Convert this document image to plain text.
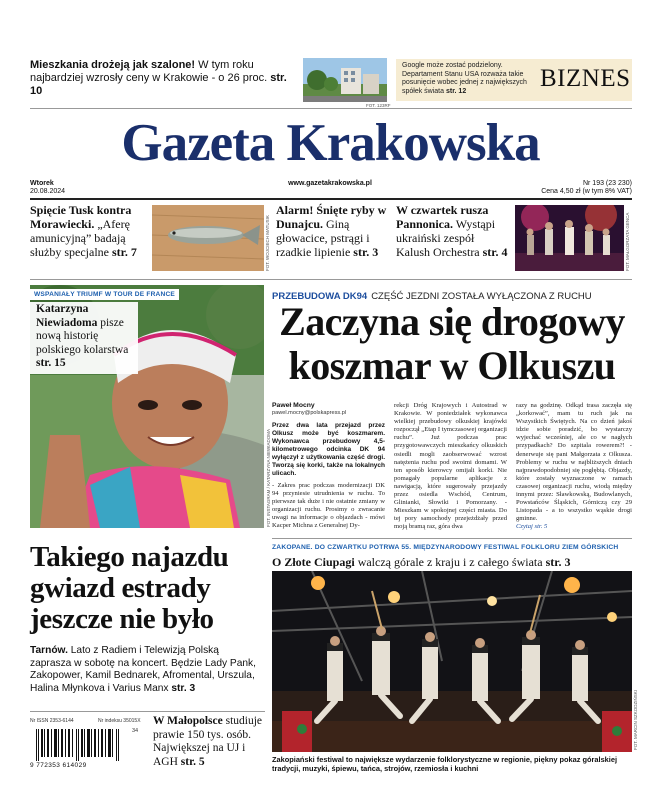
Mieszkania drożeją jak szalone! W tym roku najbardziej wzrosły ceny w Krakowie - o 26 proc. str. 10
FOT. 123RF
Google może zostać podzielony. Departament Stanu USA rozważa takie posunięcie wobec jednej z największych spółek świata str. 12	BIZNES
Gazeta Krakowska
Wtorek
20.08.2024
www.gazetakrakowska.pl	Nr 193 (23 230)
Cena 4,50 zł (w tym 8% VAT)
Spięcie Tusk kontra Morawiecki. „Aferę amunicyjną” badają służby specjalne str. 7	FOT. WOJCIECH MATUSIK
Alarm! Śnięte ryby w Dunajcu. Giną głowacice, pstrągi i rzadkie lipienie str. 3
W czwartek rusza Pannonica. Wystąpi ukraiński zespół Kalush Orchestra str. 4	FOT. MAŁGORZATA GENCA
WSPANIAŁY TRIUMF W TOUR DE FRANCE
Katarzyna Niewiadoma pisze nową historię polskiego kolarstwa str. 15
FOT. INSTAGRAM / KATARZYNA NIEWIADOMA
PRZEBUDOWA DK94 CZĘŚĆ JEZDNI ZOSTAŁA WYŁĄCZONA Z RUCHU
Zaczyna się drogowy
koszmar w Olkuszu
Paweł Mocny
pawel.mocny@polskapress.pl
Przez dwa lata przejazd przez Olkusz może być koszmarem. Wykonawca przebudowy 4,5-kilometrowego odcinka DK 94 wyłączył z użytkowania część drogi. Tworzą się korki, także na lokalnych ulicach.
- Zakres prac podczas modernizacji DK 94 przyniesie utrudnienia w ruchu. To pierwsze tak duże i nie ostatnie zmiany w organizacji ruchu. Prosimy o zwracanie uwagi na informacje o objazdach - mówi Kacper Michna z Generalnej Dy-
rekcji Dróg Krajowych i Autostrad w Krakowie. W poniedziałek wykonawca wielkiej przebudowy olkuskiej krajówki rozpoczął „Etap I tymczasowej organizacji ruchu”. Już podczas prac przygotowawczych mieszkańcy olkuskich osiedli mogli zaobserwować wzrost natężenia ruchu pod swoimi domami. W ten sposób kierowcy omijali korki. Nie pomagały popularne aplikacje z nawigacją, które sugerowały przejazdy przez osiedla Wschód, Centrum, Glinianki, Słowiki i Pomorzany. - Mieszkam w spokojnej części miasta. Do tej pory samochody przejeżdżały przed moją bramą raz, góra dwa
razy na godzinę. Odkąd trasa zaczęła się „korkować”, mam tu ruch jak na Wszystkich Świętych. Na co dzień jakoś idzie sobie poradzić, bo wystarczy wyjechać wcześniej, ale co w nagłych przypadkach? Do szpitala rowerem?! - denerwuje się pani Małgorzata z Olkusza. Problemy w ruchu w najbliższych dniach najprawdopodobniej się pogłębią. Objazdy, które zostały wyznaczone w ramach czasowej organizacji ruchu, wiodą między innymi przez: Sławkowską, Budowlanych, Powstańców Śląskich, Górniczą czy 29 Listopada - a to wszystko wąskie drogi gminne.
Czytaj str. 5
Takiego najazdu
gwiazd estrady
jeszcze nie było
Tarnów. Lato z Radiem i Telewizją Polską zaprasza w sobotę na koncert. Będzie Lady Pank, Zakopower, Kamil Bednarek, Afromental, Urszula, Halina Młynkova i Varius Manx str. 3
Nr ISSN 2353-6144	Nr indeksu 35015X
34
9 772353 614029
W Małopolsce studiuje prawie 150 tys. osób. Największej na UJ i AGH str. 5
ZAKOPANE. DO CZWARTKU POTRWA 55. MIĘDZYNARODOWY FESTIWAL FOLKLORU ZIEM GÓRSKICH
O Złote Ciupagi walczą górale z kraju i z całego świata str. 3
FOT. MARCIN SZKODZIŃSKI
Zakopiański festiwal to największe wydarzenie folklorystyczne w regionie, piękny pokaz góralskiej tradycji, muzyki, śpiewu, tańca, strojów, rzemiosła i kuchni
